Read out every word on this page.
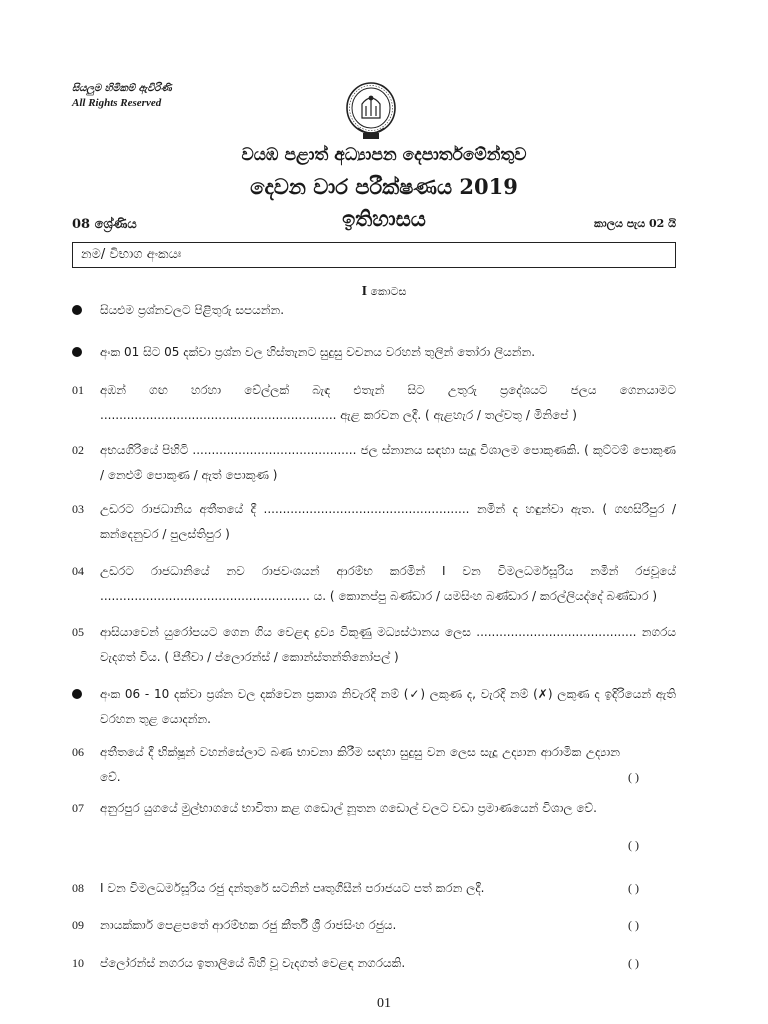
සියලුම හිමිකම් ඇවිරිණි
All Rights Reserved
වයඹ පළාත් අධ්‍යාපන දෙපාර්තමේන්තුව
දෙවන වාර පරීක්ෂණය 2019
ඉතිහාසය
08 ශ්‍රේණිය	කාලය පැය 02 යි
නම/ විභාග අංකයඃ
I කොටස
සියළුම ප්‍රශ්නවලට පිළිතුරු සපයන්න.
අංක 01 සිට 05 දක්වා ප්‍රශ්න වල හිස්තැනට සුදුසු වචනය වරහන් තුලින් තෝරා ලියන්න.
01 අඹන් ගඟ හරහා වේල්ලක් බැඳ එතැන් සිට උතුරු ප්‍රදේශයට ජලය ගෙනයාමට .............................................................. ඇළ කරවන ලදී. ( ඇළහැර / තල්වතු / මිනිපේ )
02 අභයගිරියේ පිහිටි ........................................... ජල ස්නානය සඳහා සැදූ විශාලම පොකුණකි. ( කුට්ටම් පොකුණ / නෙළුම් පොකුණ / ඇත් පොකුණ )
03 උඩරට රාජධානිය අතීතයේ දී ...................................................... නමින් ද හඳුන්වා ඇත. ( ගඟසිරිපුර / කන්දෙනුවර / පුලස්තිපුර )
04 උඩරට රාජධානියේ නව රාජවංශයන් ආරම්භ කරමින් I වන විමලධර්මසූරිය නමින් රජවූයේ ....................................................... ය. ( කොනප්පු බණ්ඩාර / යමසිංහ බණ්ඩාර / කරල්ලියද්දේ බණ්ඩාර )
05 ආසියාවෙන් යුරෝපයට ගෙන ගිය වෙළඳ ද්‍රව්‍ය විකුණු මධ්‍යස්ථානය ලෙස .......................................... නගරය වැදගත් විය. ( පීනීවා / ප්ලොරන්ස් / කොන්ස්තන්තිනෝපල් )
අංක 06 - 10 දක්වා ප්‍රශ්න වල දක්වෙන ප්‍රකාශ නිවැරදි නම් (✓) ලකුණ ද, වැරදි නම් (✗) ලකුණ ද ඉදිරියෙන් ඇති වරහන තුළ යොදන්න.
06 අතීතයේ දී භික්ෂූන් වහන්සේලාට බණ භාවනා කිරීම සඳහා සුදුසු වන ලෙස සැදූ උද්‍යාන ආරාමික උද්‍යාන වේ.	( )
07 අනුරපුර යුගයේ මුල්භාගයේ භාවිතා කළ ගඩොල් නූතන ගඩොල් වලට වඩා ප්‍රමාණයෙන් විශාල වේ.
( )
08 I වන විමලධර්මසූරිය රජු දන්තුරේ සටනින් පෘතුගීසීන් පරාජයට පත් කරන ලදී.	( )
09 නායක්කාර් පෙළපතේ ආරම්භක රජු කීර්ති ශ්‍රී රාජසිංහ රජුය.	( )
10 ප්ලෝරන්ස් නගරය ඉතාලියේ බිහි වූ වැදගත් වෙළඳ නගරයකි.	( )
01
